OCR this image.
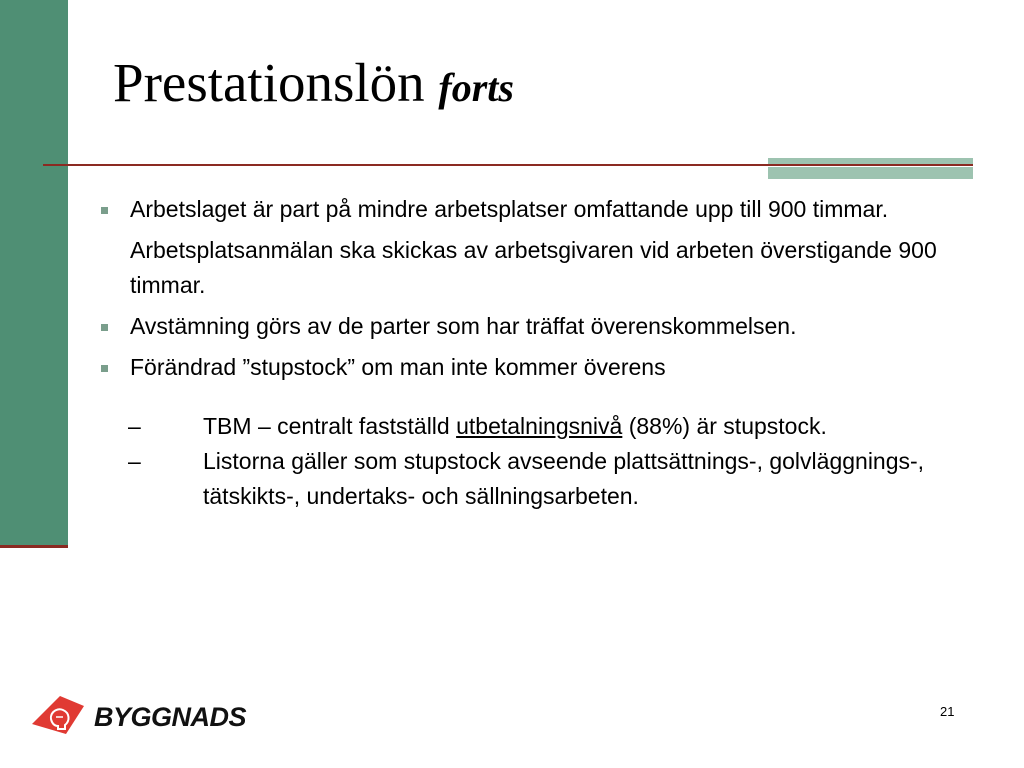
Prestationslön forts
Arbetslaget är part på mindre arbetsplatser omfattande upp till 900 timmar.
Arbetsplatsanmälan ska skickas av arbetsgivaren vid arbeten överstigande 900 timmar.
Avstämning görs av de parter som har träffat överenskommelsen.
Förändrad ”stupstock” om man inte kommer överens
–	TBM – centralt fastställd utbetalningsnivå (88%) är stupstock.
–	Listorna gäller som stupstock avseende plattsättnings-, golvläggnings-, tätskikts-, undertaks- och sällningsarbeten.
BYGGNADS	21
